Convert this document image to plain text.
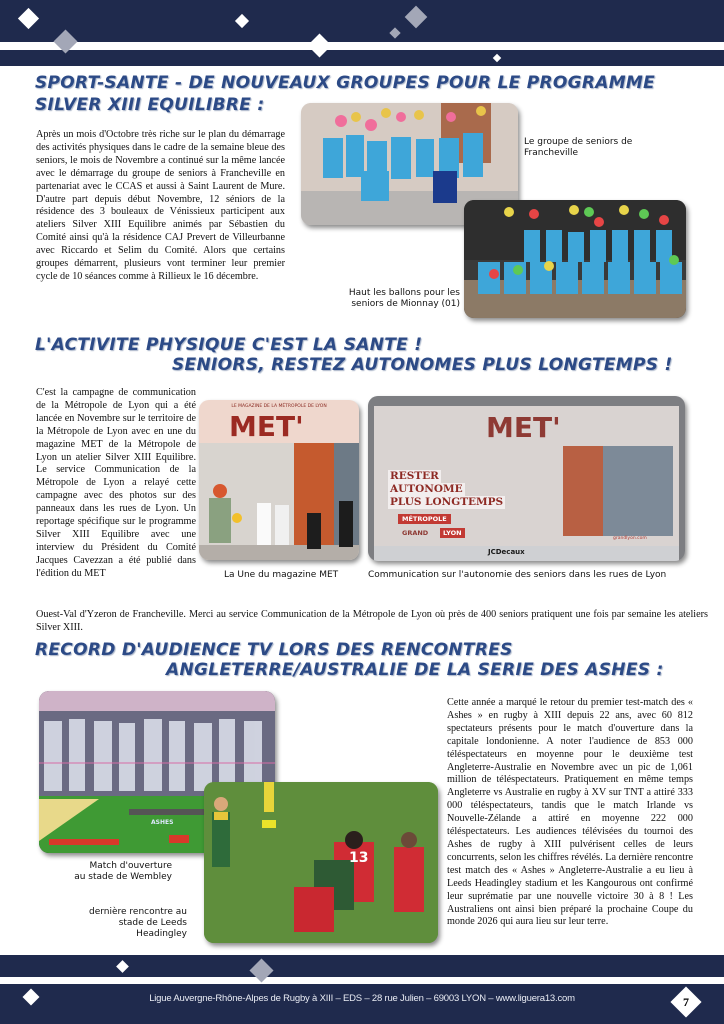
SPORT-SANTE - DE NOUVEAUX GROUPES POUR LE PROGRAMME
SILVER XIII EQUILIBRE :
Après un mois d'Octobre très riche sur le plan du démarrage des activités physiques dans le cadre de la semaine bleue des seniors, le mois de Novembre a continué sur la même lancée avec le démarrage du groupe de seniors à Francheville en partenariat avec le CCAS et aussi à Saint Laurent de Mure. D'autre part depuis début Novembre, 12 séniors de la résidence des 3 bouleaux de Vénissieux participent aux ateliers Silver XIII Equilibre animés par Sébastien du Comité ainsi qu'à la résidence CAJ Prevert de Villeurbanne avec Riccardo et Selim du Comité. Alors que certains groupes démarrent, plusieurs vont terminer leur premier cycle de 10 séances comme à Rillieux le 16 décembre.
Le groupe de seniors de
Francheville
Haut les ballons pour les
seniors de Mionnay (01)
L'ACTIVITE PHYSIQUE C'EST LA SANTE !
SENIORS, RESTEZ AUTONOMES PLUS LONGTEMPS !
C'est la campagne de communication de la Métropole de Lyon qui a été lancée en Novembre sur le territoire de la Métropole de Lyon avec en une du magazine MET de la Métropole de Lyon un atelier Silver XIII Equilibre. Le service Communication de la Métropole de Lyon a relayé cette campagne avec des photos sur des panneaux dans les rues de Lyon. Un reportage spécifique sur le programme Silver XIII Equilibre avec une interview du Président du Comité Jacques Cavezzan a été publié dans l'édition du MET
Ouest-Val d'Yzeron de Francheville. Merci au service Communication de la Métropole de Lyon où près de 400 seniors pratiquent une fois par semaine les ateliers Silver XIII.
LE MAGAZINE DE LA MÉTROPOLE DE LYON
MET'
La Une du magazine MET
MET'
RESTER
AUTONOME
PLUS LONGTEMPS
MÉTROPOLE
GRAND	LYON
JCDecaux
grandlyon.com
Communication sur l'autonomie des seniors dans les rues de Lyon
RECORD D'AUDIENCE TV LORS DES RENCONTRES
ANGLETERRE/AUSTRALIE DE LA SERIE DES ASHES :
ASHES
Match d'ouverture
au stade de Wembley
13
dernière rencontre au
stade de Leeds
Headingley
Cette année a marqué le retour du premier test-match des « Ashes » en rugby à XIII depuis 22 ans, avec 60 812 spectateurs présents pour le match d'ouverture dans la capitale londonienne. A noter l'audience de 853 000 téléspectateurs en moyenne pour le deuxième test Angleterre-Australie en Novembre avec un pic de 1,061 million de téléspectateurs. Pratiquement en même temps Angleterre vs Australie en rugby à XV sur TNT a attiré 333 000 téléspectateurs, tandis que le match Irlande vs Nouvelle-Zélande a attiré en moyenne 222 000 téléspectateurs. Les audiences télévisées du tournoi des Ashes de rugby à XIII pulvérisent celles de leurs concurrents, selon les chiffres révélés. La dernière rencontre test match des « Ashes » Angleterre-Australie a eu lieu à Leeds Headingley stadium et les Kangourous ont confirmé leur suprématie par une nouvelle victoire 30 à 8 ! Les Australiens ont ainsi bien préparé la prochaine Coupe du monde 2026 qui aura lieu sur leur terre.
Ligue Auvergne-Rhône-Alpes de Rugby à XIII – EDS – 28 rue Julien – 69003 LYON – www.liguera13.com	7
